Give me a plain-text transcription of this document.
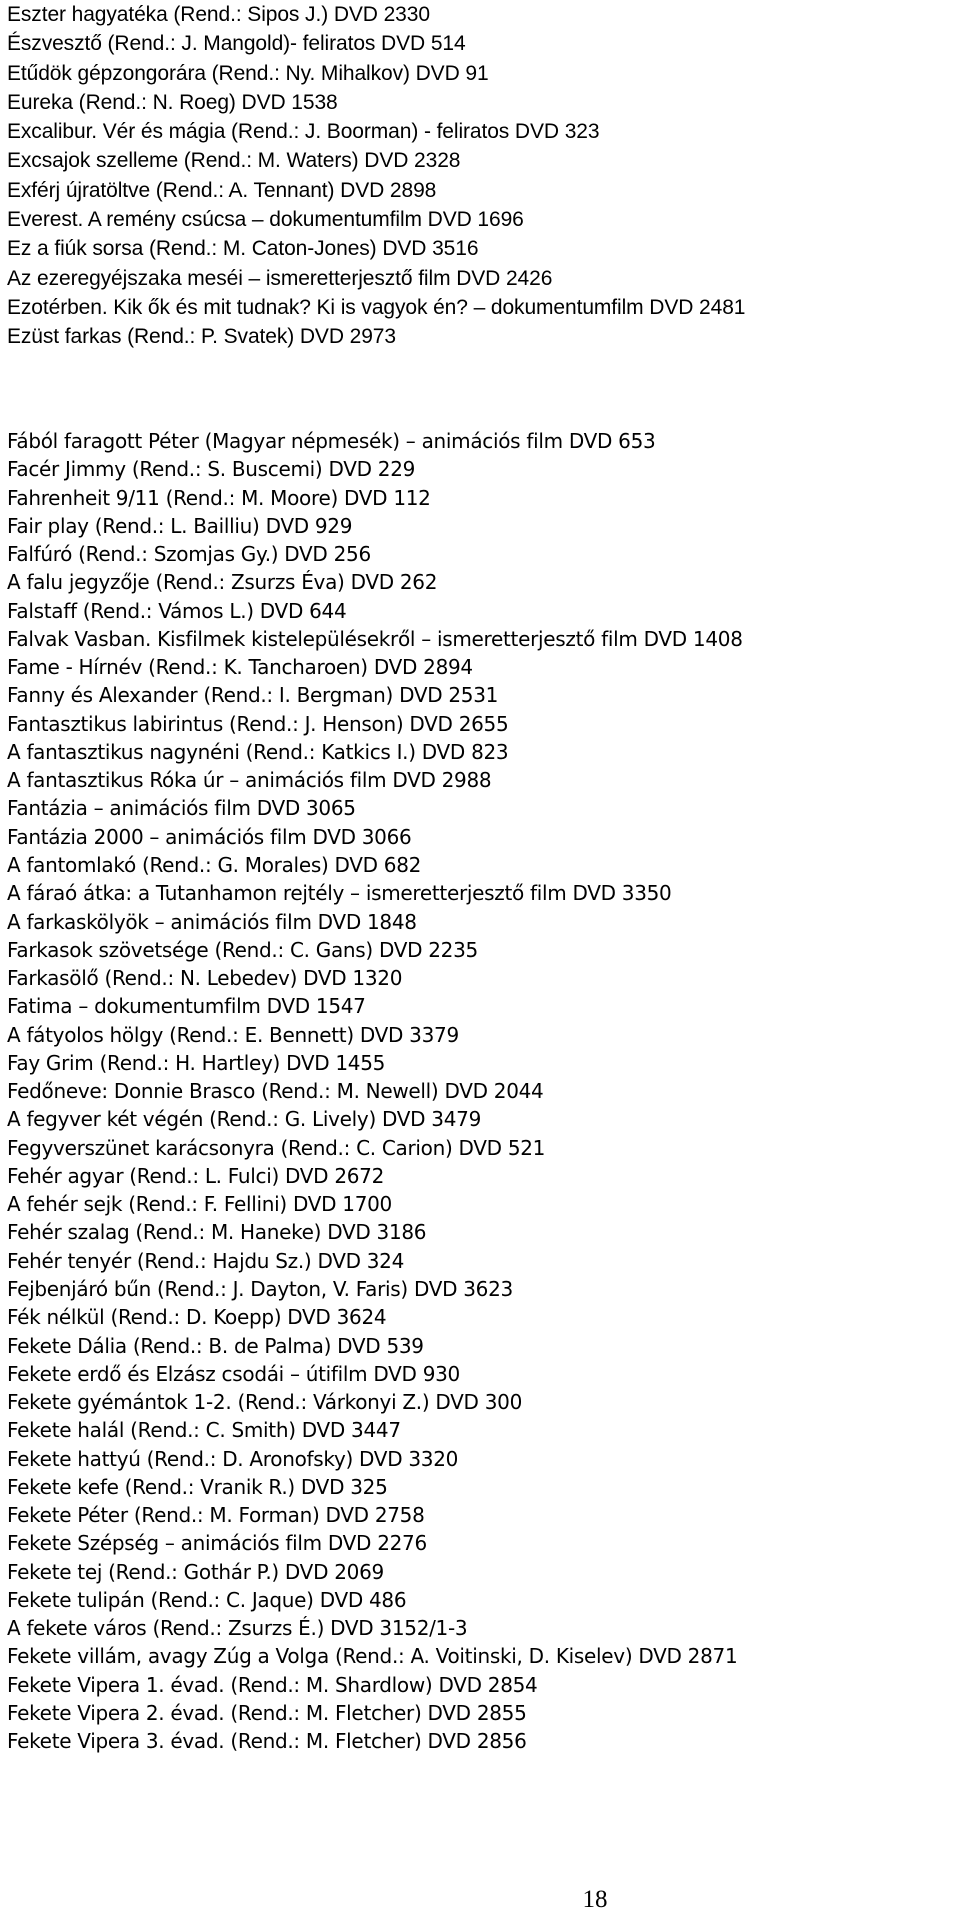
Eszter hagyatéka (Rend.: Sipos J.) DVD 2330
Észvesztő (Rend.: J. Mangold)- feliratos DVD 514
Etűdök gépzongorára (Rend.: Ny. Mihalkov) DVD 91
Eureka (Rend.: N. Roeg) DVD 1538
Excalibur. Vér és mágia (Rend.: J. Boorman) - feliratos DVD 323
Excsajok szelleme (Rend.: M. Waters) DVD 2328
Exférj újratöltve (Rend.: A. Tennant) DVD 2898
Everest. A remény csúcsa – dokumentumfilm DVD 1696
Ez a fiúk sorsa (Rend.: M. Caton-Jones) DVD 3516
Az ezeregyéjszaka meséi – ismeretterjesztő film DVD 2426
Ezotérben. Kik ők és mit tudnak? Ki is vagyok én? – dokumentumfilm DVD 2481
Ezüst farkas (Rend.: P. Svatek) DVD 2973
Fából faragott Péter (Magyar népmesék) – animációs film DVD 653
Facér Jimmy (Rend.: S. Buscemi) DVD 229
Fahrenheit 9/11 (Rend.: M. Moore) DVD 112
Fair play (Rend.: L. Bailliu) DVD 929
Falfúró (Rend.: Szomjas Gy.) DVD 256
A falu jegyzője (Rend.: Zsurzs Éva) DVD 262
Falstaff (Rend.: Vámos L.) DVD 644
Falvak Vasban. Kisfilmek kistelepülésekről – ismeretterjesztő film DVD 1408
Fame - Hírnév (Rend.: K. Tancharoen) DVD 2894
Fanny és Alexander (Rend.: I. Bergman) DVD 2531
Fantasztikus labirintus (Rend.: J. Henson) DVD 2655
A fantasztikus nagynéni (Rend.: Katkics I.) DVD 823
A fantasztikus Róka úr – animációs film DVD 2988
Fantázia – animációs film DVD 3065
Fantázia 2000 – animációs film DVD 3066
A fantomlakó (Rend.: G. Morales) DVD 682
A fáraó átka: a Tutanhamon rejtély – ismeretterjesztő film DVD 3350
A farkaskölyök – animációs film DVD 1848
Farkasok szövetsége (Rend.: C. Gans) DVD 2235
Farkasölő (Rend.: N. Lebedev) DVD 1320
Fatima – dokumentumfilm DVD 1547
A fátyolos hölgy (Rend.: E. Bennett) DVD 3379
Fay Grim (Rend.: H. Hartley) DVD 1455
Fedőneve: Donnie Brasco (Rend.: M. Newell) DVD 2044
A fegyver két végén (Rend.: G. Lively) DVD 3479
Fegyverszünet karácsonyra (Rend.: C. Carion) DVD 521
Fehér agyar (Rend.: L. Fulci) DVD 2672
A fehér sejk (Rend.: F. Fellini) DVD 1700
Fehér szalag (Rend.: M. Haneke) DVD 3186
Fehér tenyér (Rend.: Hajdu Sz.) DVD 324
Fejbenjáró bűn (Rend.: J. Dayton, V. Faris) DVD 3623
Fék nélkül (Rend.: D. Koepp) DVD 3624
Fekete Dália (Rend.: B. de Palma) DVD 539
Fekete erdő és Elzász csodái – útifilm DVD 930
Fekete gyémántok 1-2. (Rend.: Várkonyi Z.) DVD 300
Fekete halál (Rend.: C. Smith) DVD 3447
Fekete hattyú (Rend.: D. Aronofsky) DVD 3320
Fekete kefe (Rend.: Vranik R.) DVD 325
Fekete Péter (Rend.: M. Forman) DVD 2758
Fekete Szépség – animációs film DVD 2276
Fekete tej (Rend.: Gothár P.) DVD 2069
Fekete tulipán (Rend.: C. Jaque) DVD 486
A fekete város (Rend.: Zsurzs É.) DVD 3152/1-3
Fekete villám, avagy Zúg a Volga (Rend.: A. Voitinski, D. Kiselev) DVD 2871
Fekete Vipera 1. évad. (Rend.: M. Shardlow) DVD 2854
Fekete Vipera 2. évad. (Rend.: M. Fletcher) DVD 2855
Fekete Vipera 3. évad. (Rend.: M. Fletcher) DVD 2856
18
